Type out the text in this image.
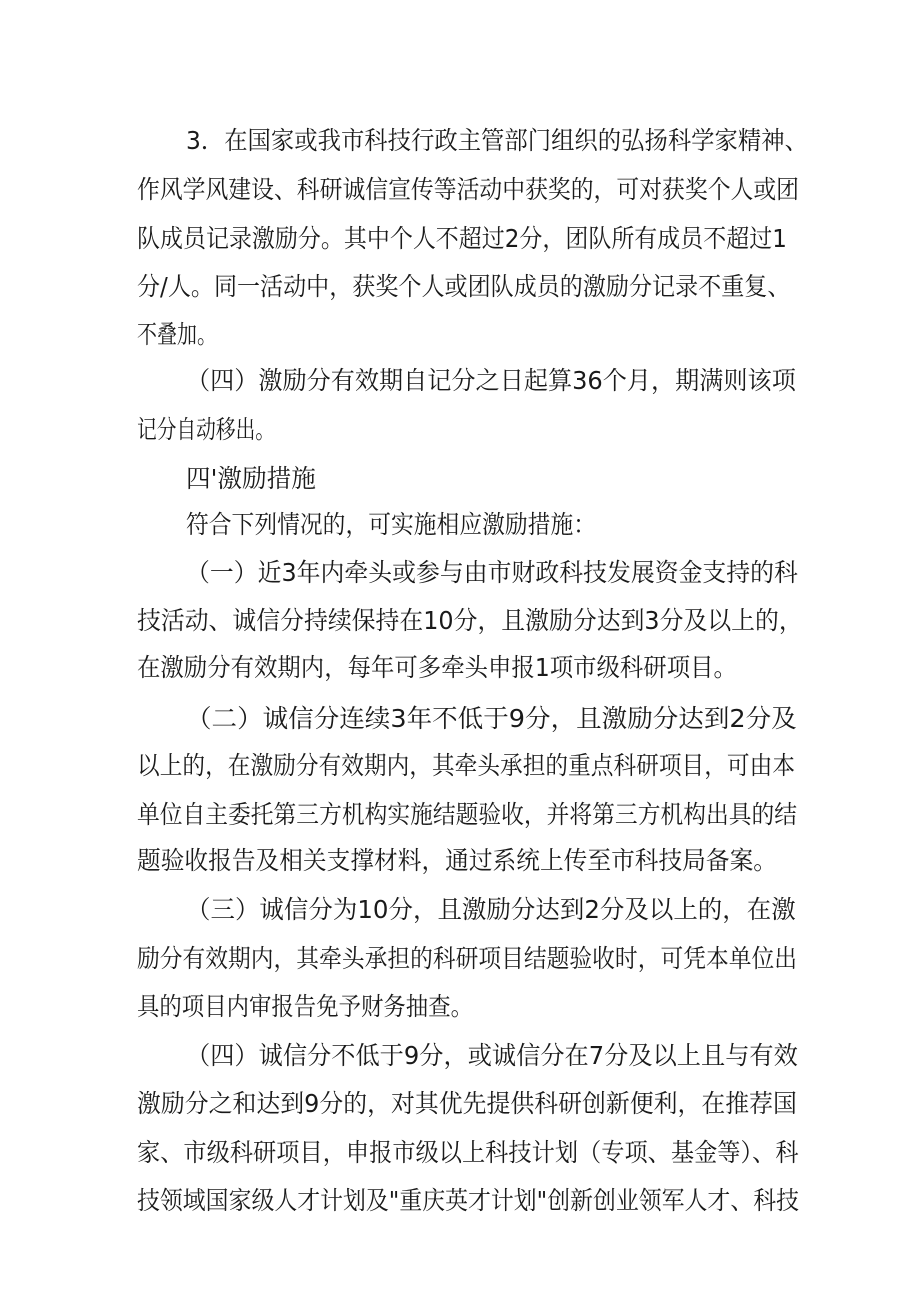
3．在国家或我市科技行政主管部门组织的弘扬科学家精神、

作风学风建设、科研诚信宣传等活动中获奖的，可对获奖个人或团

队成员记录激励分。其中个人不超过2分，团队所有成员不超过1

分/人。同一活动中，获奖个人或团队成员的激励分记录不重复、

不叠加。

（四）激励分有效期自记分之日起算36个月，期满则该项

记分自动移出。

四'激励措施

符合下列情况的，可实施相应激励措施：

（一）近3年内牵头或参与由市财政科技发展资金支持的科

技活动、诚信分持续保持在10分，且激励分达到3分及以上的，

在激励分有效期内，每年可多牵头申报1项市级科研项目。

（二）诚信分连续3年不低于9分，且激励分达到2分及

以上的，在激励分有效期内，其牵头承担的重点科研项目，可由本

单位自主委托第三方机构实施结题验收，并将第三方机构出具的结

题验收报告及相关支撑材料，通过系统上传至市科技局备案。

（三）诚信分为10分，且激励分达到2分及以上的，在激

励分有效期内，其牵头承担的科研项目结题验收时，可凭本单位出

具的项目内审报告免予财务抽查。

（四）诚信分不低于9分，或诚信分在7分及以上且与有效

激励分之和达到9分的，对其优先提供科研创新便利，在推荐国

家、市级科研项目，申报市级以上科技计划（专项、基金等）、科

技领域国家级人才计划及"重庆英才计划"创新创业领军人才、科技
